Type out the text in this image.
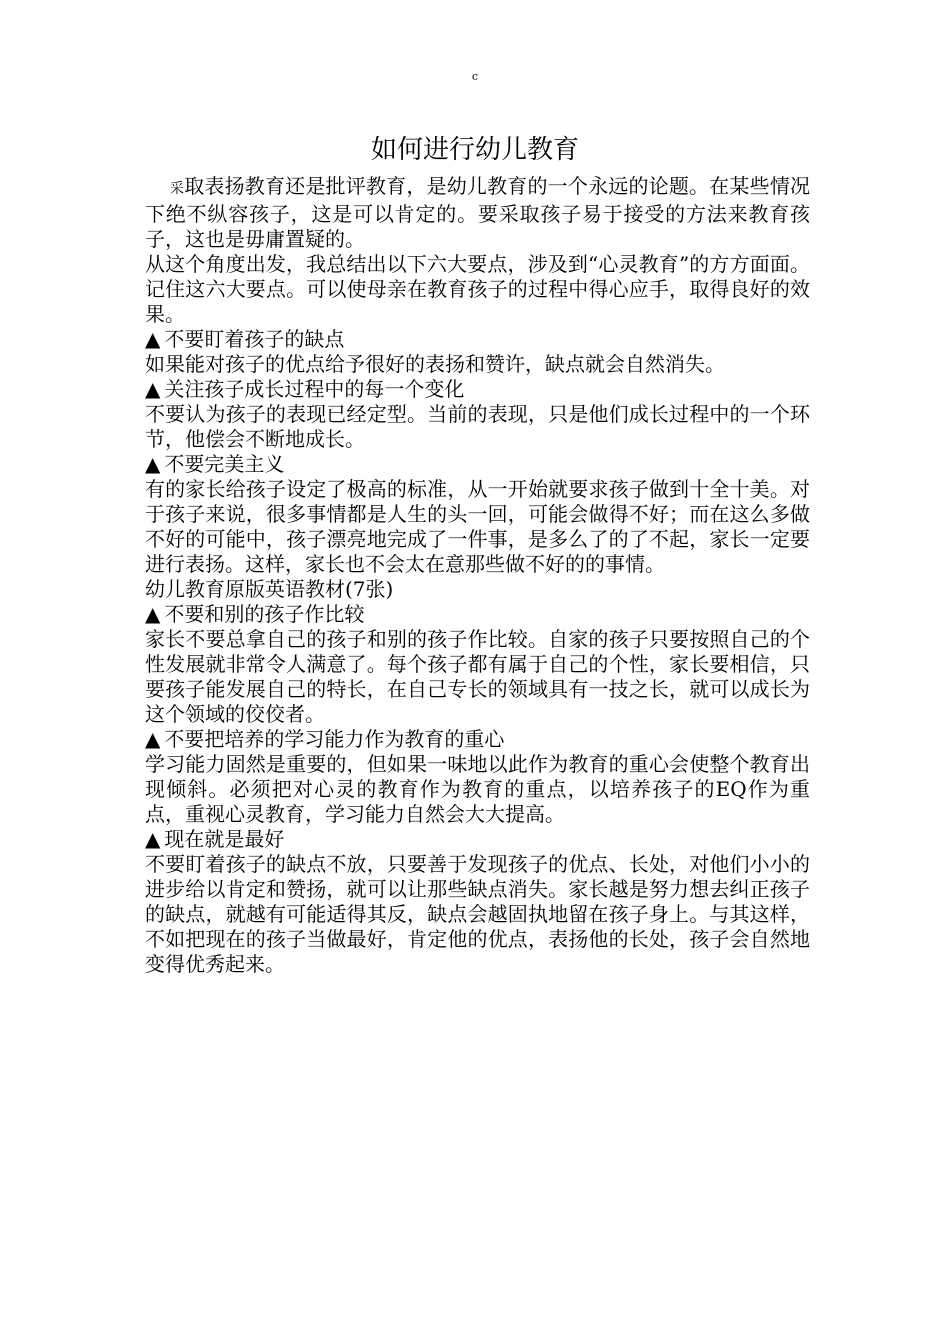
c
如何进行幼儿教育

采取表扬教育还是批评教育，是幼儿教育的一个永远的论题。在某些情况下绝不纵容孩子，这是可以肯定的。要采取孩子易于接受的方法来教育孩子，这也是毋庸置疑的。

从这个角度出发，我总结出以下六大要点，涉及到“心灵教育”的方方面面。记住这六大要点。可以使母亲在教育孩子的过程中得心应手，取得良好的效果。

▲ 不要盯着孩子的缺点

如果能对孩子的优点给予很好的表扬和赞许，缺点就会自然消失。

▲ 关注孩子成长过程中的每一个变化

不要认为孩子的表现已经定型。当前的表现，只是他们成长过程中的一个环节，他偿会不断地成长。

▲ 不要完美主义

有的家长给孩子设定了极高的标准，从一开始就要求孩子做到十全十美。对于孩子来说，很多事情都是人生的头一回，可能会做得不好；而在这么多做不好的可能中，孩子漂亮地完成了一件事，是多么了的了不起，家长一定要进行表扬。这样，家长也不会太在意那些做不好的的事情。

幼儿教育原版英语教材(7张)

▲ 不要和别的孩子作比较

家长不要总拿自己的孩子和别的孩子作比较。自家的孩子只要按照自己的个性发展就非常令人满意了。每个孩子都有属于自己的个性，家长要相信，只要孩子能发展自己的特长，在自己专长的领域具有一技之长，就可以成长为这个领域的佼佼者。

▲ 不要把培养的学习能力作为教育的重心

学习能力固然是重要的，但如果一味地以此作为教育的重心会使整个教育出现倾斜。必须把对心灵的教育作为教育的重点，以培养孩子的EQ作为重点，重视心灵教育，学习能力自然会大大提高。

▲ 现在就是最好

不要盯着孩子的缺点不放，只要善于发现孩子的优点、长处，对他们小小的进步给以肯定和赞扬，就可以让那些缺点消失。家长越是努力想去纠正孩子的缺点，就越有可能适得其反，缺点会越固执地留在孩子身上。与其这样，不如把现在的孩子当做最好，肯定他的优点，表扬他的长处，孩子会自然地变得优秀起来。
